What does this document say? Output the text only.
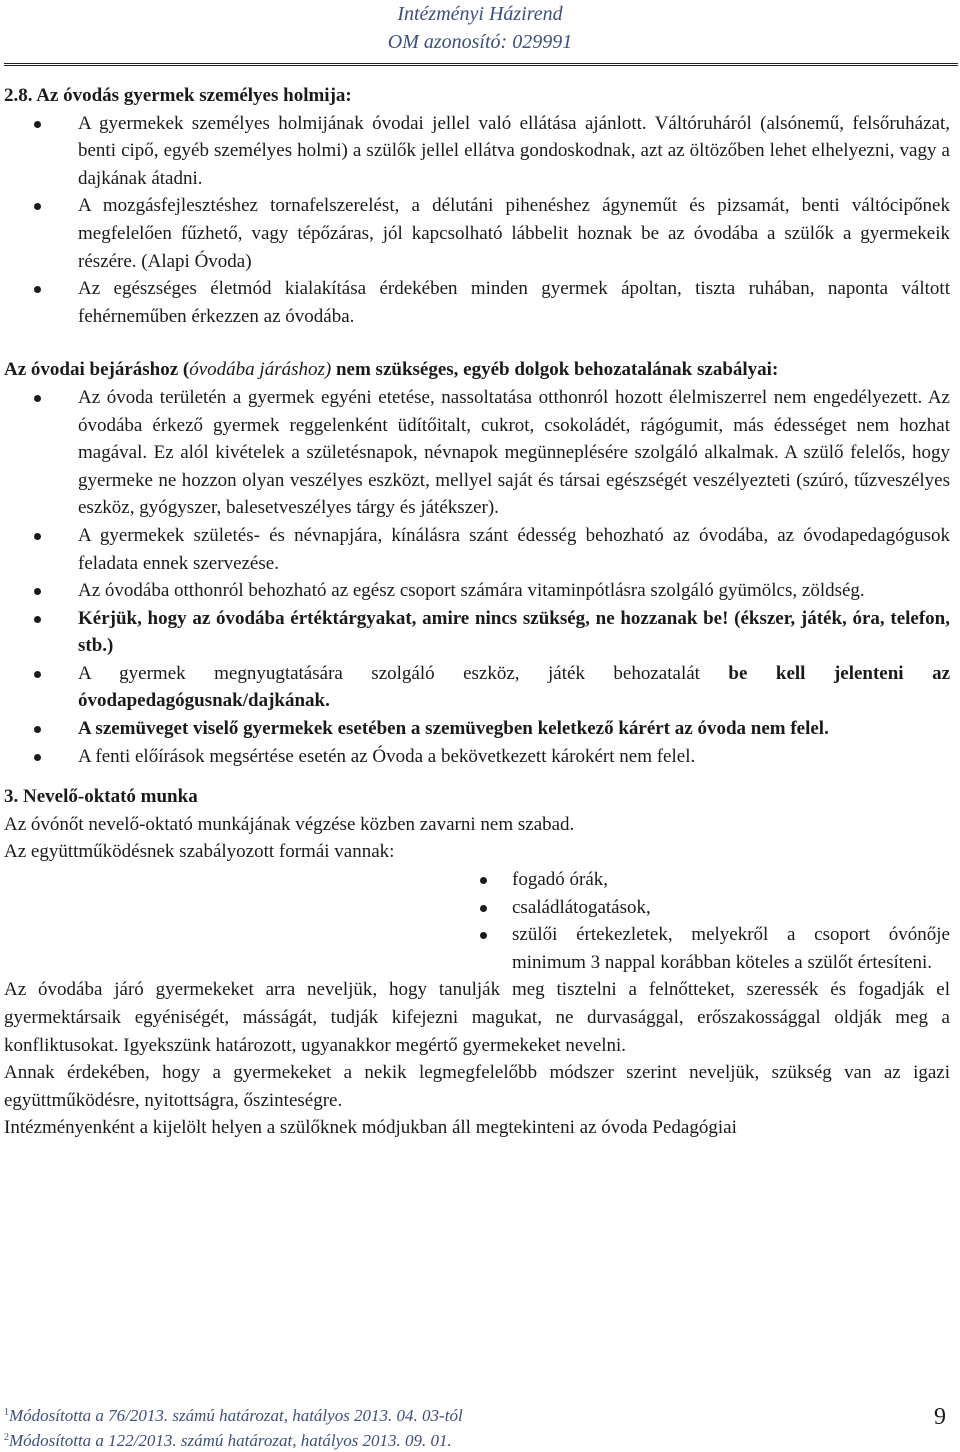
Intézményi Házirend
OM azonosító: 029991
2.8. Az óvodás gyermek személyes holmija:
A gyermekek személyes holmijának óvodai jellel való ellátása ajánlott. Váltóruháról (alsónemű, felsőruházat, benti cipő, egyéb személyes holmi) a szülők jellel ellátva gondoskodnak, azt az öltözőben lehet elhelyezni, vagy a dajkának átadni.
A mozgásfejlesztéshez tornafelszerelést, a délutáni pihenéshez ágyneműt és pizsamát, benti váltócipőnek megfelelően fűzhető, vagy tépőzáras, jól kapcsolható lábbelit hoznak be az óvodába a szülők a gyermekeik részére. (Alapi Óvoda)
Az egészséges életmód kialakítása érdekében minden gyermek ápoltan, tiszta ruhában, naponta váltott fehérneműben érkezzen az óvodába.
Az óvodai bejáráshoz (óvodába járáshoz) nem szükséges, egyéb dolgok behozatalának szabályai:
Az óvoda területén a gyermek egyéni etetése, nassoltatása otthonról hozott élelmiszerrel nem engedélyezett. Az óvodába érkező gyermek reggelenként üdítőitalt, cukrot, csokoládét, rágógumit, más édességet nem hozhat magával. Ez alól kivételek a születésnapok, névnapok megünneplésére szolgáló alkalmak. A szülő felelős, hogy gyermeke ne hozzon olyan veszélyes eszközt, mellyel saját és társai egészségét veszélyezteti (szúró, tűzveszélyes eszköz, gyógyszer, balesetveszélyes tárgy és játékszer).
A gyermekek születés- és névnapjára, kínálásra szánt édesség behozható az óvodába, az óvodapedagógusok feladata ennek szervezése.
Az óvodába otthonról behozható az egész csoport számára vitaminpótlásra szolgáló gyümölcs, zöldség.
Kérjük, hogy az óvodába értéktárgyakat, amire nincs szükség, ne hozzanak be! (ékszer, játék, óra, telefon, stb.)
A gyermek megnyugtatására szolgáló eszköz, játék behozatalát be kell jelenteni az óvodapedagógusnak/dajkának.
A szemüveget viselő gyermekek esetében a szemüvegben keletkező kárért az óvoda nem felel.
A fenti előírások megsértése esetén az Óvoda a bekövetkezett károkért nem felel.
3. Nevelő-oktató munka
Az óvónőt nevelő-oktató munkájának végzése közben zavarni nem szabad.
Az együttműködésnek szabályozott formái vannak:
fogadó órák,
családlátogatások,
szülői értekezletek, melyekről a csoport óvónője minimum 3 nappal korábban köteles a szülőt értesíteni.
Az óvodába járó gyermekeket arra neveljük, hogy tanulják meg tisztelni a felnőtteket, szeressék és fogadják el gyermektársaik egyéniségét, másságát, tudják kifejezni magukat, ne durvasággal, erőszakossággal oldják meg a konfliktusokat. Igyekszünk határozott, ugyanakkor megértő gyermekeket nevelni.
Annak érdekében, hogy a gyermekeket a nekik legmegfelelőbb módszer szerint neveljük, szükség van az igazi együttműködésre, nyitottságra, őszinteségre.
Intézményenként a kijelölt helyen a szülőknek módjukban áll megtekinteni az óvoda Pedagógiai
$^1$Módosította a 76/2013. számú határozat, hatályos 2013. 04. 03-tól
$^2$Módosította a 122/2013. számú határozat, hatályos 2013. 09. 01.
9
